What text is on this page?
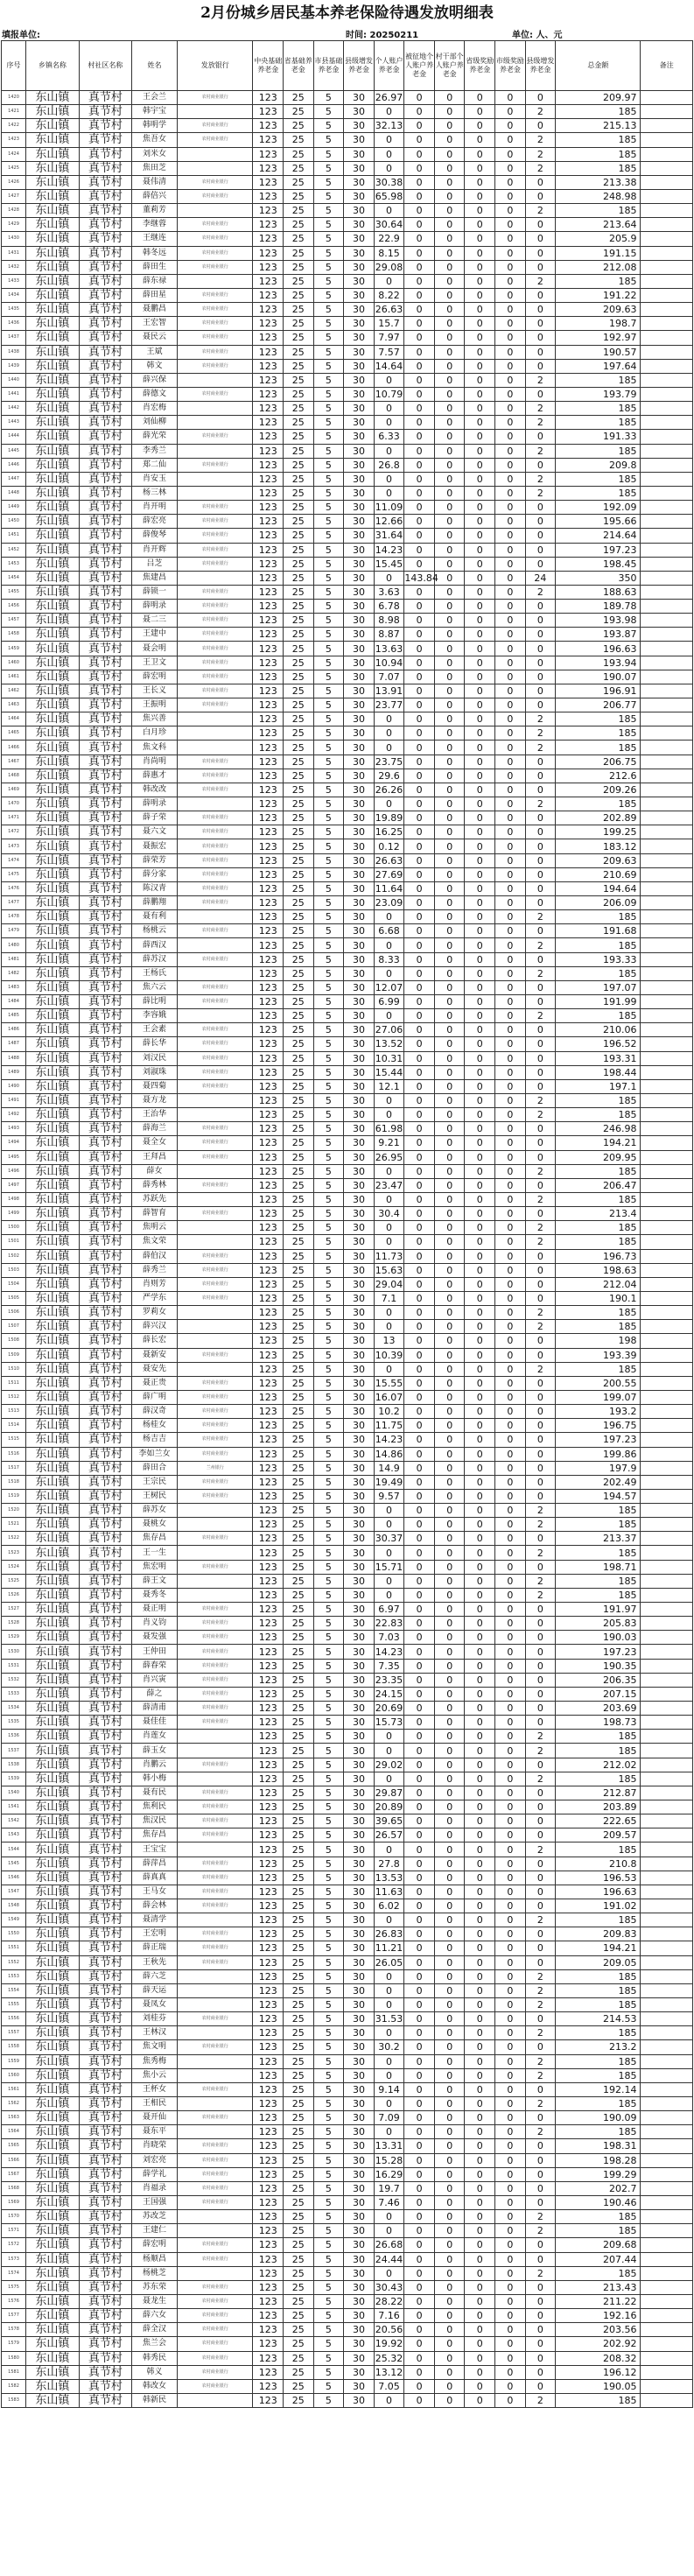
2月份城乡居民基本养老保险待遇发放明细表
填报单位:	时间: 20250211	单位: 人、元
序号	乡镇名称	村社区名称	姓名	发放银行	中央基础养老金	省基础养老金	市县基础养老金	县级增发养老金	个人账户养老金	被征地个人账户养老金	村干部个人账户养老金	省级奖励养老金	市级奖励养老金	县级增发养老金	总金额	备注
1420	东山镇	真节村	王会兰	农村商业银行	123	25	5	30	26.97	0	0	0	0	0	209.97	
1421	东山镇	真节村	韩宇宝		123	25	5	30	0	0	0	0	0	2	185	
1422	东山镇	真节村	韩明学	农村商业银行	123	25	5	30	32.13	0	0	0	0	0	215.13	
1423	东山镇	真节村	焦吾女	农村商业银行	123	25	5	30	0	0	0	0	0	2	185	
1424	东山镇	真节村	刘米女		123	25	5	30	0	0	0	0	0	2	185	
1425	东山镇	真节村	焦田芝		123	25	5	30	0	0	0	0	0	2	185	
1426	东山镇	真节村	聂伟清	农村商业银行	123	25	5	30	30.38	0	0	0	0	0	213.38	
1427	东山镇	真节村	薛倍兴	农村商业银行	123	25	5	30	65.98	0	0	0	0	0	248.98	
1428	东山镇	真节村	董莉芳		123	25	5	30	0	0	0	0	0	2	185	
1429	东山镇	真节村	李继蓉	农村商业银行	123	25	5	30	30.64	0	0	0	0	0	213.64	
1430	东山镇	真节村	王继连	农村商业银行	123	25	5	30	22.9	0	0	0	0	0	205.9	
1431	东山镇	真节村	韩冬远	农村商业银行	123	25	5	30	8.15	0	0	0	0	0	191.15	
1432	东山镇	真节村	薛田生	农村商业银行	123	25	5	30	29.08	0	0	0	0	0	212.08	
1433	东山镇	真节村	薛东禄		123	25	5	30	0	0	0	0	0	2	185	
1434	东山镇	真节村	薛田星	农村商业银行	123	25	5	30	8.22	0	0	0	0	0	191.22	
1435	东山镇	真节村	聂鹏昌	农村商业银行	123	25	5	30	26.63	0	0	0	0	0	209.63	
1436	东山镇	真节村	王宏智	农村商业银行	123	25	5	30	15.7	0	0	0	0	0	198.7	
1437	东山镇	真节村	聂民云	农村商业银行	123	25	5	30	7.97	0	0	0	0	0	192.97	
1438	东山镇	真节村	王斌	农村商业银行	123	25	5	30	7.57	0	0	0	0	0	190.57	
1439	东山镇	真节村	韩文	农村商业银行	123	25	5	30	14.64	0	0	0	0	0	197.64	
1440	东山镇	真节村	薛兴保		123	25	5	30	0	0	0	0	0	2	185	
1441	东山镇	真节村	薛德文	农村商业银行	123	25	5	30	10.79	0	0	0	0	0	193.79	
1442	东山镇	真节村	肖宏梅		123	25	5	30	0	0	0	0	0	2	185	
1443	东山镇	真节村	刘仙柳		123	25	5	30	0	0	0	0	0	2	185	
1444	东山镇	真节村	薛光荣	农村商业银行	123	25	5	30	6.33	0	0	0	0	0	191.33	
1445	东山镇	真节村	李秀兰		123	25	5	30	0	0	0	0	0	2	185	
1446	东山镇	真节村	郑二仙	农村商业银行	123	25	5	30	26.8	0	0	0	0	0	209.8	
1447	东山镇	真节村	肖安玉		123	25	5	30	0	0	0	0	0	2	185	
1448	东山镇	真节村	杨三林		123	25	5	30	0	0	0	0	0	2	185	
1449	东山镇	真节村	肖开明	农村商业银行	123	25	5	30	11.09	0	0	0	0	0	192.09	
1450	东山镇	真节村	薛宏亮	农村商业银行	123	25	5	30	12.66	0	0	0	0	0	195.66	
1451	东山镇	真节村	薛俊琴	农村商业银行	123	25	5	30	31.64	0	0	0	0	0	214.64	
1452	东山镇	真节村	肖开辉	农村商业银行	123	25	5	30	14.23	0	0	0	0	0	197.23	
1453	东山镇	真节村	吕芝	农村商业银行	123	25	5	30	15.45	0	0	0	0	0	198.45	
1454	东山镇	真节村	焦建昌		123	25	5	30	0	143.84	0	0	0	24	350	
1455	东山镇	真节村	薛锁一	农村商业银行	123	25	5	30	3.63	0	0	0	0	2	188.63	
1456	东山镇	真节村	薛明录	农村商业银行	123	25	5	30	6.78	0	0	0	0	0	189.78	
1457	东山镇	真节村	聂二三	农村商业银行	123	25	5	30	8.98	0	0	0	0	0	193.98	
1458	东山镇	真节村	王建中	农村商业银行	123	25	5	30	8.87	0	0	0	0	0	193.87	
1459	东山镇	真节村	聂会明	农村商业银行	123	25	5	30	13.63	0	0	0	0	0	196.63	
1460	东山镇	真节村	王卫文	农村商业银行	123	25	5	30	10.94	0	0	0	0	0	193.94	
1461	东山镇	真节村	薛宏明	农村商业银行	123	25	5	30	7.07	0	0	0	0	0	190.07	
1462	东山镇	真节村	王长义	农村商业银行	123	25	5	30	13.91	0	0	0	0	0	196.91	
1463	东山镇	真节村	王振明	农村商业银行	123	25	5	30	23.77	0	0	0	0	0	206.77	
1464	东山镇	真节村	焦兴善		123	25	5	30	0	0	0	0	0	2	185	
1465	东山镇	真节村	白月珍		123	25	5	30	0	0	0	0	0	2	185	
1466	东山镇	真节村	焦文科		123	25	5	30	0	0	0	0	0	2	185	
1467	东山镇	真节村	肖尚明	农村商业银行	123	25	5	30	23.75	0	0	0	0	0	206.75	
1468	东山镇	真节村	薛惠才	农村商业银行	123	25	5	30	29.6	0	0	0	0	0	212.6	
1469	东山镇	真节村	韩改改	农村商业银行	123	25	5	30	26.26	0	0	0	0	0	209.26	
1470	东山镇	真节村	薛明录		123	25	5	30	0	0	0	0	0	2	185	
1471	东山镇	真节村	薛子荣	农村商业银行	123	25	5	30	19.89	0	0	0	0	0	202.89	
1472	东山镇	真节村	聂六文	农村商业银行	123	25	5	30	16.25	0	0	0	0	0	199.25	
1473	东山镇	真节村	聂振宏	农村商业银行	123	25	5	30	0.12	0	0	0	0	0	183.12	
1474	东山镇	真节村	薛荣芳	农村商业银行	123	25	5	30	26.63	0	0	0	0	0	209.63	
1475	东山镇	真节村	薛分家	农村商业银行	123	25	5	30	27.69	0	0	0	0	0	210.69	
1476	东山镇	真节村	陈汉青	农村商业银行	123	25	5	30	11.64	0	0	0	0	0	194.64	
1477	东山镇	真节村	薛鹏翔	农村商业银行	123	25	5	30	23.09	0	0	0	0	0	206.09	
1478	东山镇	真节村	聂有利		123	25	5	30	0	0	0	0	0	2	185	
1479	东山镇	真节村	杨桃云	农村商业银行	123	25	5	30	6.68	0	0	0	0	0	191.68	
1480	东山镇	真节村	薛西汉		123	25	5	30	0	0	0	0	0	2	185	
1481	东山镇	真节村	薛苏汉	农村商业银行	123	25	5	30	8.33	0	0	0	0	0	193.33	
1482	东山镇	真节村	王杨氏		123	25	5	30	0	0	0	0	0	2	185	
1483	东山镇	真节村	焦六云	农村商业银行	123	25	5	30	12.07	0	0	0	0	0	197.07	
1484	东山镇	真节村	薛比明	农村商业银行	123	25	5	30	6.99	0	0	0	0	0	191.99	
1485	东山镇	真节村	李容娥		123	25	5	30	0	0	0	0	0	2	185	
1486	东山镇	真节村	王会素	农村商业银行	123	25	5	30	27.06	0	0	0	0	0	210.06	
1487	东山镇	真节村	薛长华	农村商业银行	123	25	5	30	13.52	0	0	0	0	0	196.52	
1488	东山镇	真节村	刘汉民	农村商业银行	123	25	5	30	10.31	0	0	0	0	0	193.31	
1489	东山镇	真节村	刘淑珠	农村商业银行	123	25	5	30	15.44	0	0	0	0	0	198.44	
1490	东山镇	真节村	聂四菊	农村商业银行	123	25	5	30	12.1	0	0	0	0	0	197.1	
1491	东山镇	真节村	聂方龙		123	25	5	30	0	0	0	0	0	2	185	
1492	东山镇	真节村	王治华		123	25	5	30	0	0	0	0	0	2	185	
1493	东山镇	真节村	薛海兰	农村商业银行	123	25	5	30	61.98	0	0	0	0	0	246.98	
1494	东山镇	真节村	聂全女	农村商业银行	123	25	5	30	9.21	0	0	0	0	0	194.21	
1495	东山镇	真节村	王拜昌	农村商业银行	123	25	5	30	26.95	0	0	0	0	0	209.95	
1496	东山镇	真节村	薛女		123	25	5	30	0	0	0	0	0	2	185	
1497	东山镇	真节村	薛秀林	农村商业银行	123	25	5	30	23.47	0	0	0	0	0	206.47	
1498	东山镇	真节村	苏跃先		123	25	5	30	0	0	0	0	0	2	185	
1499	东山镇	真节村	薛智育	农村商业银行	123	25	5	30	30.4	0	0	0	0	0	213.4	
1500	东山镇	真节村	焦明云		123	25	5	30	0	0	0	0	0	2	185	
1501	东山镇	真节村	焦文荣		123	25	5	30	0	0	0	0	0	2	185	
1502	东山镇	真节村	薛伯汉	农村商业银行	123	25	5	30	11.73	0	0	0	0	0	196.73	
1503	东山镇	真节村	薛秀兰	农村商业银行	123	25	5	30	15.63	0	0	0	0	0	198.63	
1504	东山镇	真节村	肖则芳	农村商业银行	123	25	5	30	29.04	0	0	0	0	0	212.04	
1505	东山镇	真节村	严学东	农村商业银行	123	25	5	30	7.1	0	0	0	0	0	190.1	
1506	东山镇	真节村	罗莉女		123	25	5	30	0	0	0	0	0	2	185	
1507	东山镇	真节村	薛兴汉		123	25	5	30	0	0	0	0	0	2	185	
1508	东山镇	真节村	薛长宏		123	25	5	30	13	0	0	0	0	0	198	
1509	东山镇	真节村	聂新安	农村商业银行	123	25	5	30	10.39	0	0	0	0	0	193.39	
1510	东山镇	真节村	聂安先		123	25	5	30	0	0	0	0	0	2	185	
1511	东山镇	真节村	聂正贵	农村商业银行	123	25	5	30	15.55	0	0	0	0	0	200.55	
1512	东山镇	真节村	薛广明	农村商业银行	123	25	5	30	16.07	0	0	0	0	0	199.07	
1513	东山镇	真节村	薛汉奇	农村商业银行	123	25	5	30	10.2	0	0	0	0	0	193.2	
1514	东山镇	真节村	杨桂女	农村商业银行	123	25	5	30	11.75	0	0	0	0	0	196.75	
1515	东山镇	真节村	杨吉吉	农村商业银行	123	25	5	30	14.23	0	0	0	0	0	197.23	
1516	东山镇	真节村	李如兰女	农村商业银行	123	25	5	30	14.86	0	0	0	0	0	199.86	
1517	东山镇	真节村	薛田合	兰州银行	123	25	5	30	14.9	0	0	0	0	0	197.9	
1518	东山镇	真节村	王宗民	农村商业银行	123	25	5	30	19.49	0	0	0	0	0	202.49	
1519	东山镇	真节村	王树民	农村商业银行	123	25	5	30	9.57	0	0	0	0	0	194.57	
1520	东山镇	真节村	薛苏女		123	25	5	30	0	0	0	0	0	2	185	
1521	东山镇	真节村	聂桃女		123	25	5	30	0	0	0	0	0	2	185	
1522	东山镇	真节村	焦存昌	农村商业银行	123	25	5	30	30.37	0	0	0	0	0	213.37	
1523	东山镇	真节村	王一生		123	25	5	30	0	0	0	0	0	2	185	
1524	东山镇	真节村	焦宏明	农村商业银行	123	25	5	30	15.71	0	0	0	0	0	198.71	
1525	东山镇	真节村	薛王文		123	25	5	30	0	0	0	0	0	2	185	
1526	东山镇	真节村	聂秀冬		123	25	5	30	0	0	0	0	0	2	185	
1527	东山镇	真节村	聂正明	农村商业银行	123	25	5	30	6.97	0	0	0	0	0	191.97	
1528	东山镇	真节村	肖义钧	农村商业银行	123	25	5	30	22.83	0	0	0	0	0	205.83	
1529	东山镇	真节村	聂发强	农村商业银行	123	25	5	30	7.03	0	0	0	0	0	190.03	
1530	东山镇	真节村	王仲田	农村商业银行	123	25	5	30	14.23	0	0	0	0	0	197.23	
1531	东山镇	真节村	薛春荣	农村商业银行	123	25	5	30	7.35	0	0	0	0	0	190.35	
1532	东山镇	真节村	肖兴寅	农村商业银行	123	25	5	30	23.35	0	0	0	0	0	206.35	
1533	东山镇	真节村	薛之	农村商业银行	123	25	5	30	24.15	0	0	0	0	0	207.15	
1534	东山镇	真节村	薛清甫	农村商业银行	123	25	5	30	20.69	0	0	0	0	0	203.69	
1535	东山镇	真节村	聂佳佳	农村商业银行	123	25	5	30	15.73	0	0	0	0	0	198.73	
1536	东山镇	真节村	肖莲女		123	25	5	30	0	0	0	0	0	2	185	
1537	东山镇	真节村	薛玉女		123	25	5	30	0	0	0	0	0	2	185	
1538	东山镇	真节村	肖鹏云	农村商业银行	123	25	5	30	29.02	0	0	0	0	0	212.02	
1539	东山镇	真节村	韩小梅		123	25	5	30	0	0	0	0	0	2	185	
1540	东山镇	真节村	聂有民	农村商业银行	123	25	5	30	29.87	0	0	0	0	0	212.87	
1541	东山镇	真节村	焦利民	农村商业银行	123	25	5	30	20.89	0	0	0	0	0	203.89	
1542	东山镇	真节村	焦汉民	农村商业银行	123	25	5	30	39.65	0	0	0	0	0	222.65	
1543	东山镇	真节村	焦存昌	农村商业银行	123	25	5	30	26.57	0	0	0	0	0	209.57	
1544	东山镇	真节村	王宝宝		123	25	5	30	0	0	0	0	0	2	185	
1545	东山镇	真节村	薛萍昌	农村商业银行	123	25	5	30	27.8	0	0	0	0	0	210.8	
1546	东山镇	真节村	薛真真	农村商业银行	123	25	5	30	13.53	0	0	0	0	0	196.53	
1547	东山镇	真节村	王马女	农村商业银行	123	25	5	30	11.63	0	0	0	0	0	196.63	
1548	东山镇	真节村	薛会林	农村商业银行	123	25	5	30	6.02	0	0	0	0	0	191.02	
1549	东山镇	真节村	聂清学		123	25	5	30	0	0	0	0	0	2	185	
1550	东山镇	真节村	王宏明	农村商业银行	123	25	5	30	26.83	0	0	0	0	0	209.83	
1551	东山镇	真节村	薛正瑞	农村商业银行	123	25	5	30	11.21	0	0	0	0	0	194.21	
1552	东山镇	真节村	王秋先	农村商业银行	123	25	5	30	26.05	0	0	0	0	0	209.05	
1553	东山镇	真节村	薛六芝		123	25	5	30	0	0	0	0	0	2	185	
1554	东山镇	真节村	薛天运		123	25	5	30	0	0	0	0	0	2	185	
1555	东山镇	真节村	聂凤女		123	25	5	30	0	0	0	0	0	2	185	
1556	东山镇	真节村	刘桂芬	农村商业银行	123	25	5	30	31.53	0	0	0	0	0	214.53	
1557	东山镇	真节村	王林汉		123	25	5	30	0	0	0	0	0	2	185	
1558	东山镇	真节村	焦文明	农村商业银行	123	25	5	30	30.2	0	0	0	0	0	213.2	
1559	东山镇	真节村	焦秀梅		123	25	5	30	0	0	0	0	0	2	185	
1560	东山镇	真节村	焦小云		123	25	5	30	0	0	0	0	0	2	185	
1561	东山镇	真节村	王杯女	农村商业银行	123	25	5	30	9.14	0	0	0	0	0	192.14	
1562	东山镇	真节村	王相民		123	25	5	30	0	0	0	0	0	2	185	
1563	东山镇	真节村	聂开仙	农村商业银行	123	25	5	30	7.09	0	0	0	0	0	190.09	
1564	东山镇	真节村	聂东平		123	25	5	30	0	0	0	0	0	2	185	
1565	东山镇	真节村	肖晓荣	农村商业银行	123	25	5	30	13.31	0	0	0	0	0	198.31	
1566	东山镇	真节村	刘宏亮	农村商业银行	123	25	5	30	15.28	0	0	0	0	0	198.28	
1567	东山镇	真节村	薛学礼	农村商业银行	123	25	5	30	16.29	0	0	0	0	0	199.29	
1568	东山镇	真节村	肖福录	农村商业银行	123	25	5	30	19.7	0	0	0	0	0	202.7	
1569	东山镇	真节村	王国强	农村商业银行	123	25	5	30	7.46	0	0	0	0	0	190.46	
1570	东山镇	真节村	苏改芝		123	25	5	30	0	0	0	0	0	2	185	
1571	东山镇	真节村	王建仁		123	25	5	30	0	0	0	0	0	2	185	
1572	东山镇	真节村	薛宏明	农村商业银行	123	25	5	30	26.68	0	0	0	0	0	209.68	
1573	东山镇	真节村	杨顺昌	农村商业银行	123	25	5	30	24.44	0	0	0	0	0	207.44	
1574	东山镇	真节村	杨桃芝		123	25	5	30	0	0	0	0	0	2	185	
1575	东山镇	真节村	苏东荣	农村商业银行	123	25	5	30	30.43	0	0	0	0	0	213.43	
1576	东山镇	真节村	聂龙生	农村商业银行	123	25	5	30	28.22	0	0	0	0	0	211.22	
1577	东山镇	真节村	薛六女	农村商业银行	123	25	5	30	7.16	0	0	0	0	0	192.16	
1578	东山镇	真节村	薛全汉	农村商业银行	123	25	5	30	20.56	0	0	0	0	0	203.56	
1579	东山镇	真节村	焦兰会	农村商业银行	123	25	5	30	19.92	0	0	0	0	0	202.92	
1580	东山镇	真节村	韩秀民	农村商业银行	123	25	5	30	25.32	0	0	0	0	0	208.32	
1581	东山镇	真节村	韩义	农村商业银行	123	25	5	30	13.12	0	0	0	0	0	196.12	
1582	东山镇	真节村	韩改女	农村商业银行	123	25	5	30	7.05	0	0	0	0	0	190.05	
1583	东山镇	真节村	韩新民		123	25	5	30	0	0	0	0	0	2	185	
